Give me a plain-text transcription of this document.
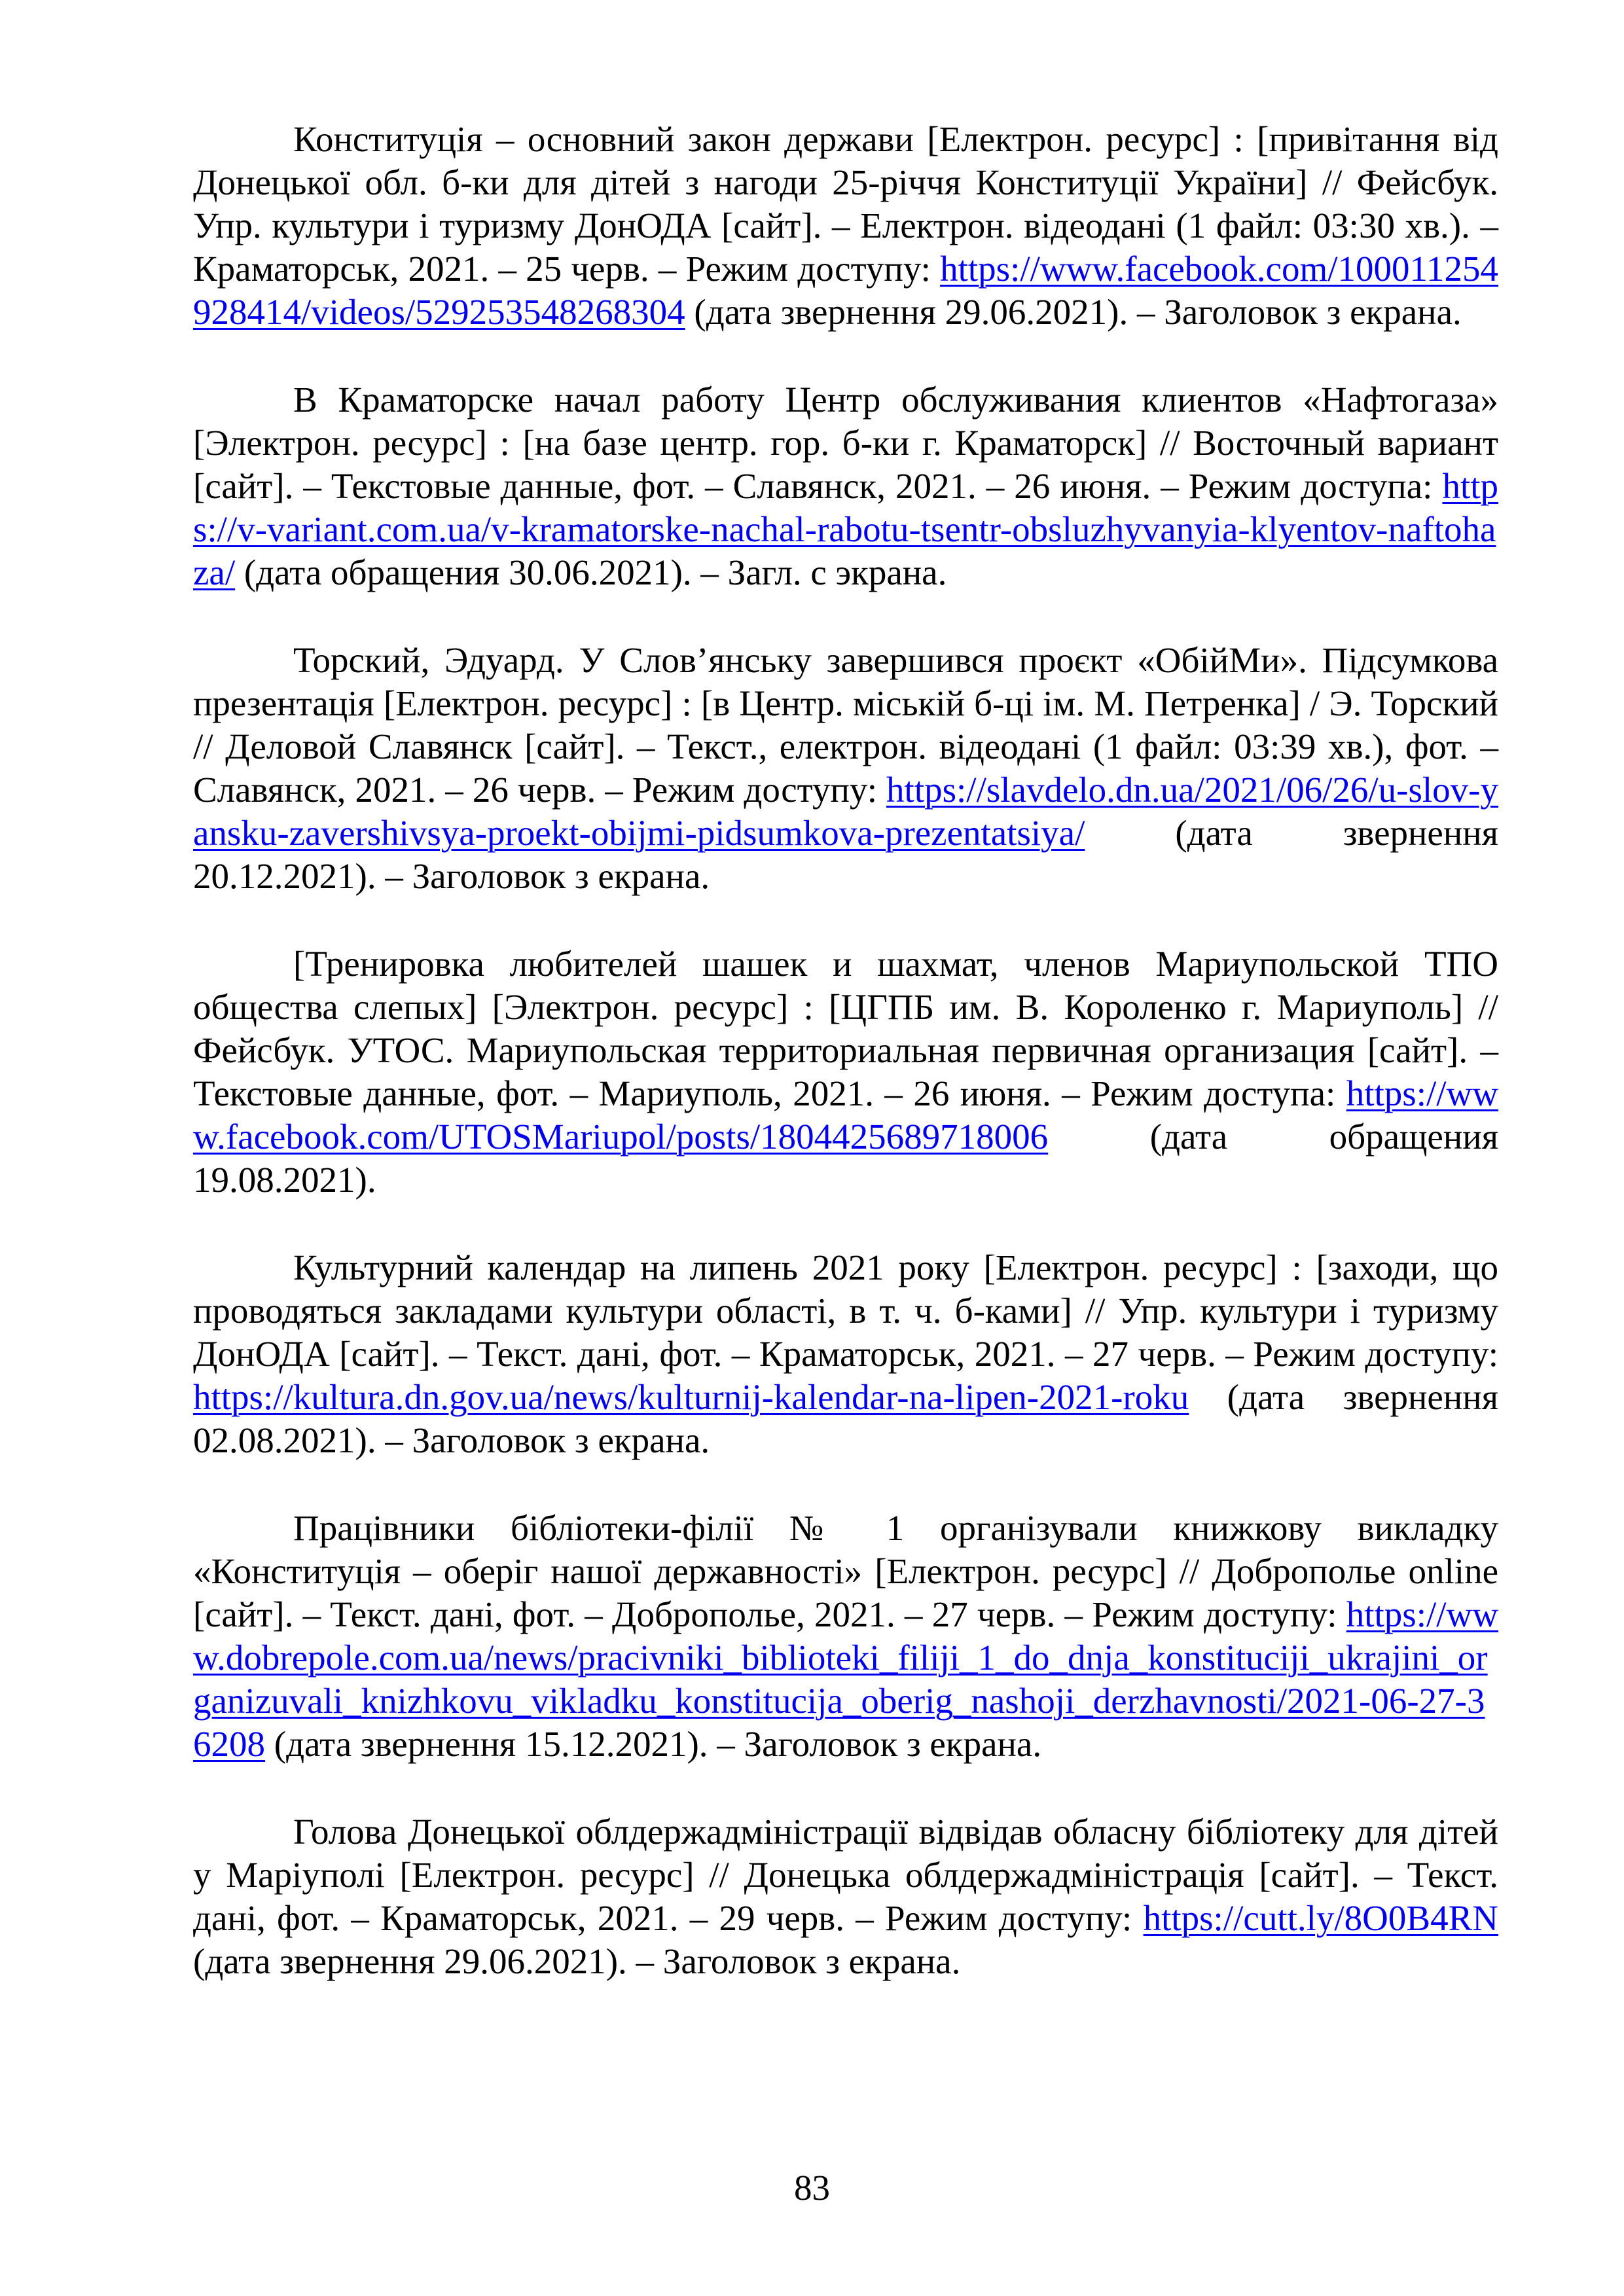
Конституція – основний закон держави [Електрон. ресурс] : [привітання від Донецької обл. б-ки для дітей з нагоди 25-річчя Конституції України] // Фейсбук. Упр. культури і туризму ДонОДА [сайт]. – Електрон. відеодані (1 файл: 03:30 хв.). – Краматорськ, 2021. – 25 черв. – Режим доступу: https://www.facebook.com/100011254928414/videos/529253548268304 (дата звернення 29.06.2021). – Заголовок з екрана.

В Краматорске начал работу Центр обслуживания клиентов «Нафтогаза» [Электрон. ресурс] : [на базе центр. гор. б-ки г. Краматорск] // Восточный вариант [сайт]. – Текстовые данные, фот. – Славянск, 2021. – 26 июня. – Режим доступа: https://v-variant.com.ua/v-kramatorske-nachal-rabotu-tsentr-obsluzhyvanyia-klyentov-naftohaza/ (дата обращения 30.06.2021). – Загл. с экрана.

Торский, Эдуард. У Слов’янську завершився проєкт «ОбійМи». Підсумкова презентація [Електрон. ресурс] : [в Центр. міській б-ці ім. М. Петренка] / Э. Торский // Деловой Славянск [сайт]. – Текст., електрон. відеодані (1 файл: 03:39 хв.), фот. – Славянск, 2021. – 26 черв. – Режим доступу: https://slavdelo.dn.ua/2021/06/26/u-slov-yansku-zavershivsya-proekt-obijmi-pidsumkova-prezentatsiya/ (дата звернення 20.12.2021). – Заголовок з екрана.

[Тренировка любителей шашек и шахмат, членов Мариупольской ТПО общества слепых] [Электрон. ресурс] : [ЦГПБ им. В. Короленко г. Мариуполь] // Фейсбук. УТОС. Мариупольская территориальная первичная организация [сайт]. – Текстовые данные, фот. – Мариуполь, 2021. – 26 июня. – Режим доступа: https://www.facebook.com/UTOSMariupol/posts/1804425689718006 (дата обращения 19.08.2021).

Культурний календар на липень 2021 року [Електрон. ресурс] : [заходи, що проводяться закладами культури області, в т. ч. б-ками] // Упр. культури і туризму ДонОДА [сайт]. – Текст. дані, фот. – Краматорськ, 2021. – 27 черв. – Режим доступу: https://kultura.dn.gov.ua/news/kulturnij-kalendar-na-lipen-2021-roku (дата звернення 02.08.2021). – Заголовок з екрана.

Працівники бібліотеки-філії № 1 організували книжкову викладку «Конституція – оберіг нашої державності» [Електрон. ресурс] // Доброполье online [сайт]. – Текст. дані, фот. – Доброполье, 2021. – 27 черв. – Режим доступу: https://www.dobrepole.com.ua/news/pracivniki_biblioteki_filiji_1_do_dnja_konstituciji_ukrajini_organizuvali_knizhkovu_vikladku_konstitucija_oberig_nashoji_derzhavnosti/2021-06-27-36208 (дата звернення 15.12.2021). – Заголовок з екрана.

Голова Донецької облдержадміністрації відвідав обласну бібліотеку для дітей у Маріуполі [Електрон. ресурс] // Донецька облдержадміністрація [сайт]. – Текст. дані, фот. – Краматорськ, 2021. – 29 черв. – Режим доступу: https://cutt.ly/8O0B4RN (дата звернення 29.06.2021). – Заголовок з екрана.

83
